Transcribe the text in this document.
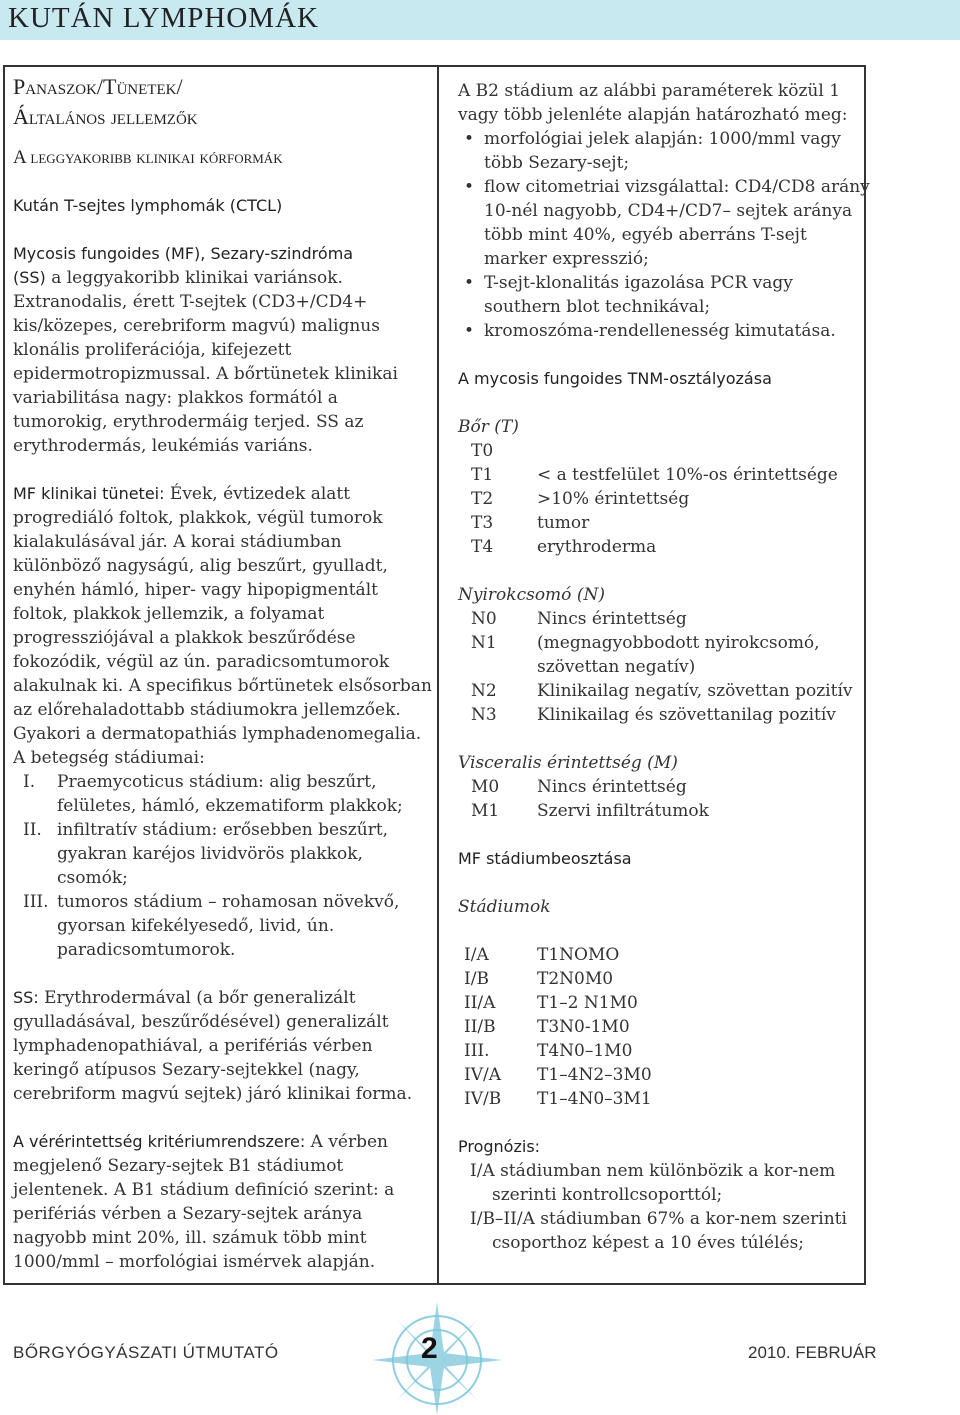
KUTÁN LYMPHOMÁK
Panaszok/Tünetek/
Általános jellemzők
A leggyakoribb klinikai kórformák
Kután T-sejtes lymphomák (CTCL)

Mycosis fungoides (MF), Sezary-szindróma
(SS) a leggyakoribb klinikai variánsok. Extranodalis, érett T-sejtek (CD3+/CD4+ kis/közepes, cerebriform magvú) malignus klonális proliferációja, kifejezett epidermotropizmussal. A bőrtünetek klinikai variabilitása nagy: plakkos formától a tumorokig, erythrodermáig terjed. SS az erythrodermás, leukémiás variáns.

MF klinikai tünetei: Évek, évtizedek alatt progrediáló foltok, plakkok, végül tumorok kialakulásával jár. A korai stádiumban különböző nagyságú, alig beszűrt, gyulladt, enyhén hámló, hiper- vagy hipopigmentált foltok, plakkok jellemzik, a folyamat progressziójával a plakkok beszűrődése fokozódik, végül az ún. paradicsomtumorok alakulnak ki. A specifikus bőrtünetek elsősorban az előrehaladottabb stádiumokra jellemzőek. Gyakori a dermatopathiás lymphadenomegalia. A betegség stádiumai:

I.	Praemycoticus stádium: alig beszűrt, felületes, hámló, ekzematiform plakkok;
II. infiltratív stádium: erősebben beszűrt, gyakran karéjos lividvörös plakkok, csomók;
III. tumoros stádium – rohamosan növekvő, gyorsan kifekélyesedő, livid, ún. paradicsomtumorok.

SS: Erythrodermával (a bőr generalizált gyulladásával, beszűrődésével) generalizált lymphadenopathiával, a perifériás vérben keringő atípusos Sezary-sejtekkel (nagy, cerebriform magvú sejtek) járó klinikai forma.

A vérérintettség kritériumrendszere: A vérben megjelenő Sezary-sejtek B1 stádiumot jelentenek. A B1 stádium definíció szerint: a perifériás vérben a Sezary-sejtek aránya nagyobb mint 20%, ill. számuk több mint 1000/mml – morfológiai ismérvek alapján.

A B2 stádium az alábbi paraméterek közül 1 vagy több jelenléte alapján határozható meg:

• morfológiai jelek alapján: 1000/mml vagy több Sezary-sejt;
• flow citometriai vizsgálattal: CD4/CD8 arány 10-nél nagyobb, CD4+/CD7– sejtek aránya több mint 40%, egyéb aberráns T-sejt marker expresszió;
• T-sejt-klonalitás igazolása PCR vagy southern blot technikával;
• kromoszóma-rendellenesség kimutatása.
A mycosis fungoides TNM-osztályozása
Bőr (T)
T0
T1	< a testfelület 10%-os érintettsége
T2	>10% érintettség
T3	tumor
T4	erythroderma
Nyirokcsomó (N)
N0	Nincs érintettség
N1	(megnagyobbodott nyirokcsomó, szövettan negatív)
N2	Klinikailag negatív, szövettan pozitív
N3	Klinikailag és szövettanilag pozitív
Visceralis érintettség (M)
M0	Nincs érintettség
M1	Szervi infiltrátumok
MF stádiumbeosztása
Stádiumok
I/A	T1NOMO
I/B	T2N0M0
II/A	T1–2 N1M0
II/B	T3N0-1M0
III.	T4N0–1M0
IV/A	T1–4N2–3M0
IV/B	T1–4N0–3M1
Prognózis:
I/A stádiumban nem különbözik a kor-nem
szerinti kontrollcsoporttól;
I/B–II/A stádiumban 67% a kor-nem szerinti
csoporthoz képest a 10 éves túlélés;
BŐRGYÓGYÁSZATI ÚTMUTATÓ	2	2010. FEBRUÁR
